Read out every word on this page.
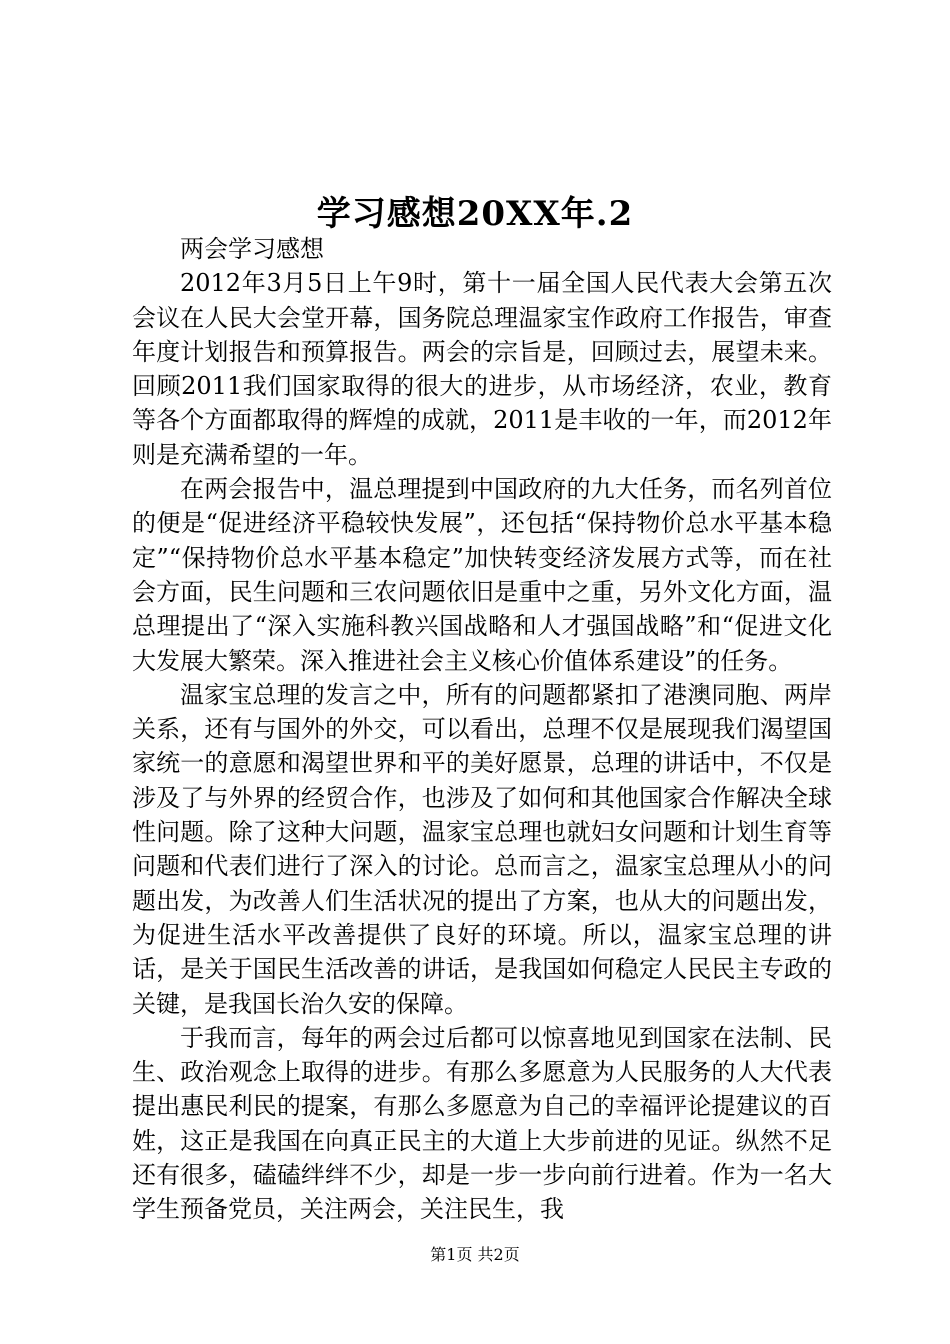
学习感想20XX年.2

两会学习感想

2012年3月5日上午9时，第十一届全国人民代表大会第五次会议在人民大会堂开幕，国务院总理温家宝作政府工作报告，审查年度计划报告和预算报告。两会的宗旨是，回顾过去，展望未来。回顾2011我们国家取得的很大的进步，从市场经济，农业，教育等各个方面都取得的辉煌的成就，2011是丰收的一年，而2012年则是充满希望的一年。

在两会报告中，温总理提到中国政府的九大任务，而名列首位的便是“促进经济平稳较快发展”，还包括“保持物价总水平基本稳定”“保持物价总水平基本稳定”加快转变经济发展方式等，而在社会方面，民生问题和三农问题依旧是重中之重，另外文化方面，温总理提出了“深入实施科教兴国战略和人才强国战略”和“促进文化大发展大繁荣。深入推进社会主义核心价值体系建设”的任务。

温家宝总理的发言之中，所有的问题都紧扣了港澳同胞、两岸关系，还有与国外的外交，可以看出，总理不仅是展现我们渴望国家统一的意愿和渴望世界和平的美好愿景，总理的讲话中，不仅是涉及了与外界的经贸合作，也涉及了如何和其他国家合作解决全球性问题。除了这种大问题，温家宝总理也就妇女问题和计划生育等问题和代表们进行了深入的讨论。总而言之，温家宝总理从小的问题出发，为改善人们生活状况的提出了方案，也从大的问题出发，为促进生活水平改善提供了良好的环境。所以，温家宝总理的讲话，是关于国民生活改善的讲话，是我国如何稳定人民民主专政的关键，是我国长治久安的保障。

于我而言，每年的两会过后都可以惊喜地见到国家在法制、民生、政治观念上取得的进步。有那么多愿意为人民服务的人大代表提出惠民利民的提案，有那么多愿意为自己的幸福评论提建议的百姓，这正是我国在向真正民主的大道上大步前进的见证。纵然不足还有很多，磕磕绊绊不少，却是一步一步向前行进着。作为一名大学生预备党员，关注两会，关注民生，我

第1页 共2页
